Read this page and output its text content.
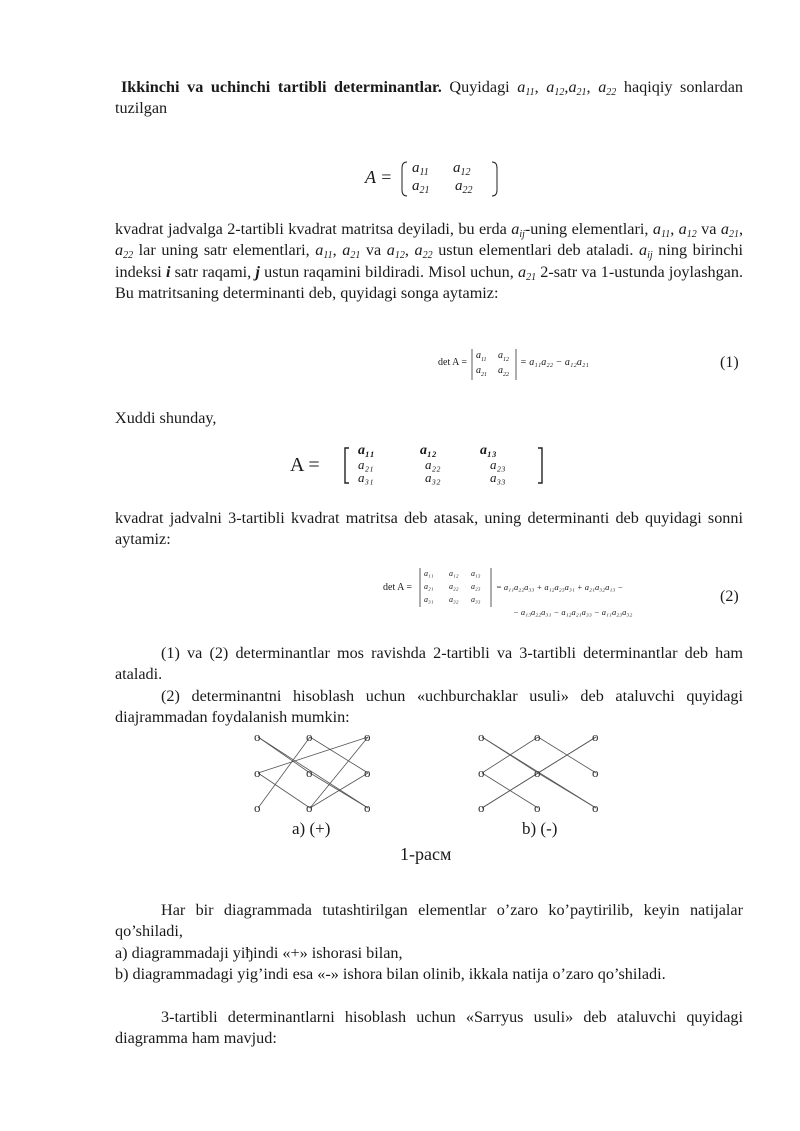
Ikkinchi va uchinchi tartibli determinantlar. Quyidagi $a_{11}$, $a_{12},a_{21}$, $a_{22}$ haqiqiy sonlardan tuzilgan

$A = a_{11}$ $a_{12}$
$a_{21}$ $a_{22}$

kvadrat jadvalga 2-tartibli kvadrat matritsa deyiladi, bu erda $a_{ij}$-uning elementlari, $a_{11}$, $a_{12}$ va $a_{21}$, $a_{22}$ lar uning satr elementlari, $a_{11}$, $a_{21}$ va $a_{12}$, $a_{22}$ ustun elementlari deb ataladi. $a_{ij}$ ning birinchi indeksi i satr raqami, j ustun raqamini bildiradi. Misol uchun, $a_{21}$ 2-satr va 1-ustunda joylashgan. Bu matritsaning determinanti deb, quyidagi songa aytamiz:

det A =
$a_{11}$ $a_{12}$
$a_{21}$ $a_{22}$
= a₁₁a₂₂ − a₁₂a₂₁	(1)

Xuddi shunday,

A =
a₁₁	a₁₂	a₁₃
a₂₁	a₂₂	a₂₃
a₃₁	a₃₂	a₃₃

kvadrat jadvalni 3-tartibli kvadrat matritsa deb atasak, uning determinanti deb quyidagi sonni aytamiz:

det A =
a₁₁ a₁₂ a₁₃
a₂₁ a₂₂ a₂₃
a₃₁ a₃₂ a₃₃
= a₁₁a₂₂a₃₃ + a₁₂a₂₃a₃₁ + a₂₁a₃₂a₁₃ −
− a₁₃a₂₂a₃₁ − a₁₂a₂₁a₃₃ − a₁₁a₂₃a₃₂
(2)

(1) va (2) determinantlar mos ravishda 2-tartibli va 3-tartibli determinantlar deb ham ataladi.

(2) determinantni hisoblash uchun «uchburchaklar usuli» deb ataluvchi quyidagi diajrammadan foydalanish mumkin:

o	o	o
o	o	o
o	o	o
o	o	o
o	o	o
o	o	o
a) (+)	b) (-)
1-расм

Har bir diagrammada tutashtirilgan elementlar o’zaro ko’paytirilib, keyin natijalar qo’shiladi,

a) diagrammadaji yiђindi «+» ishorasi bilan,

b) diagrammadagi yig’indi esa «-» ishora bilan olinib, ikkala natija o’zaro qo’shiladi.

3-tartibli determinantlarni hisoblash uchun «Sarryus usuli» deb ataluvchi quyidagi diagramma ham mavjud:
